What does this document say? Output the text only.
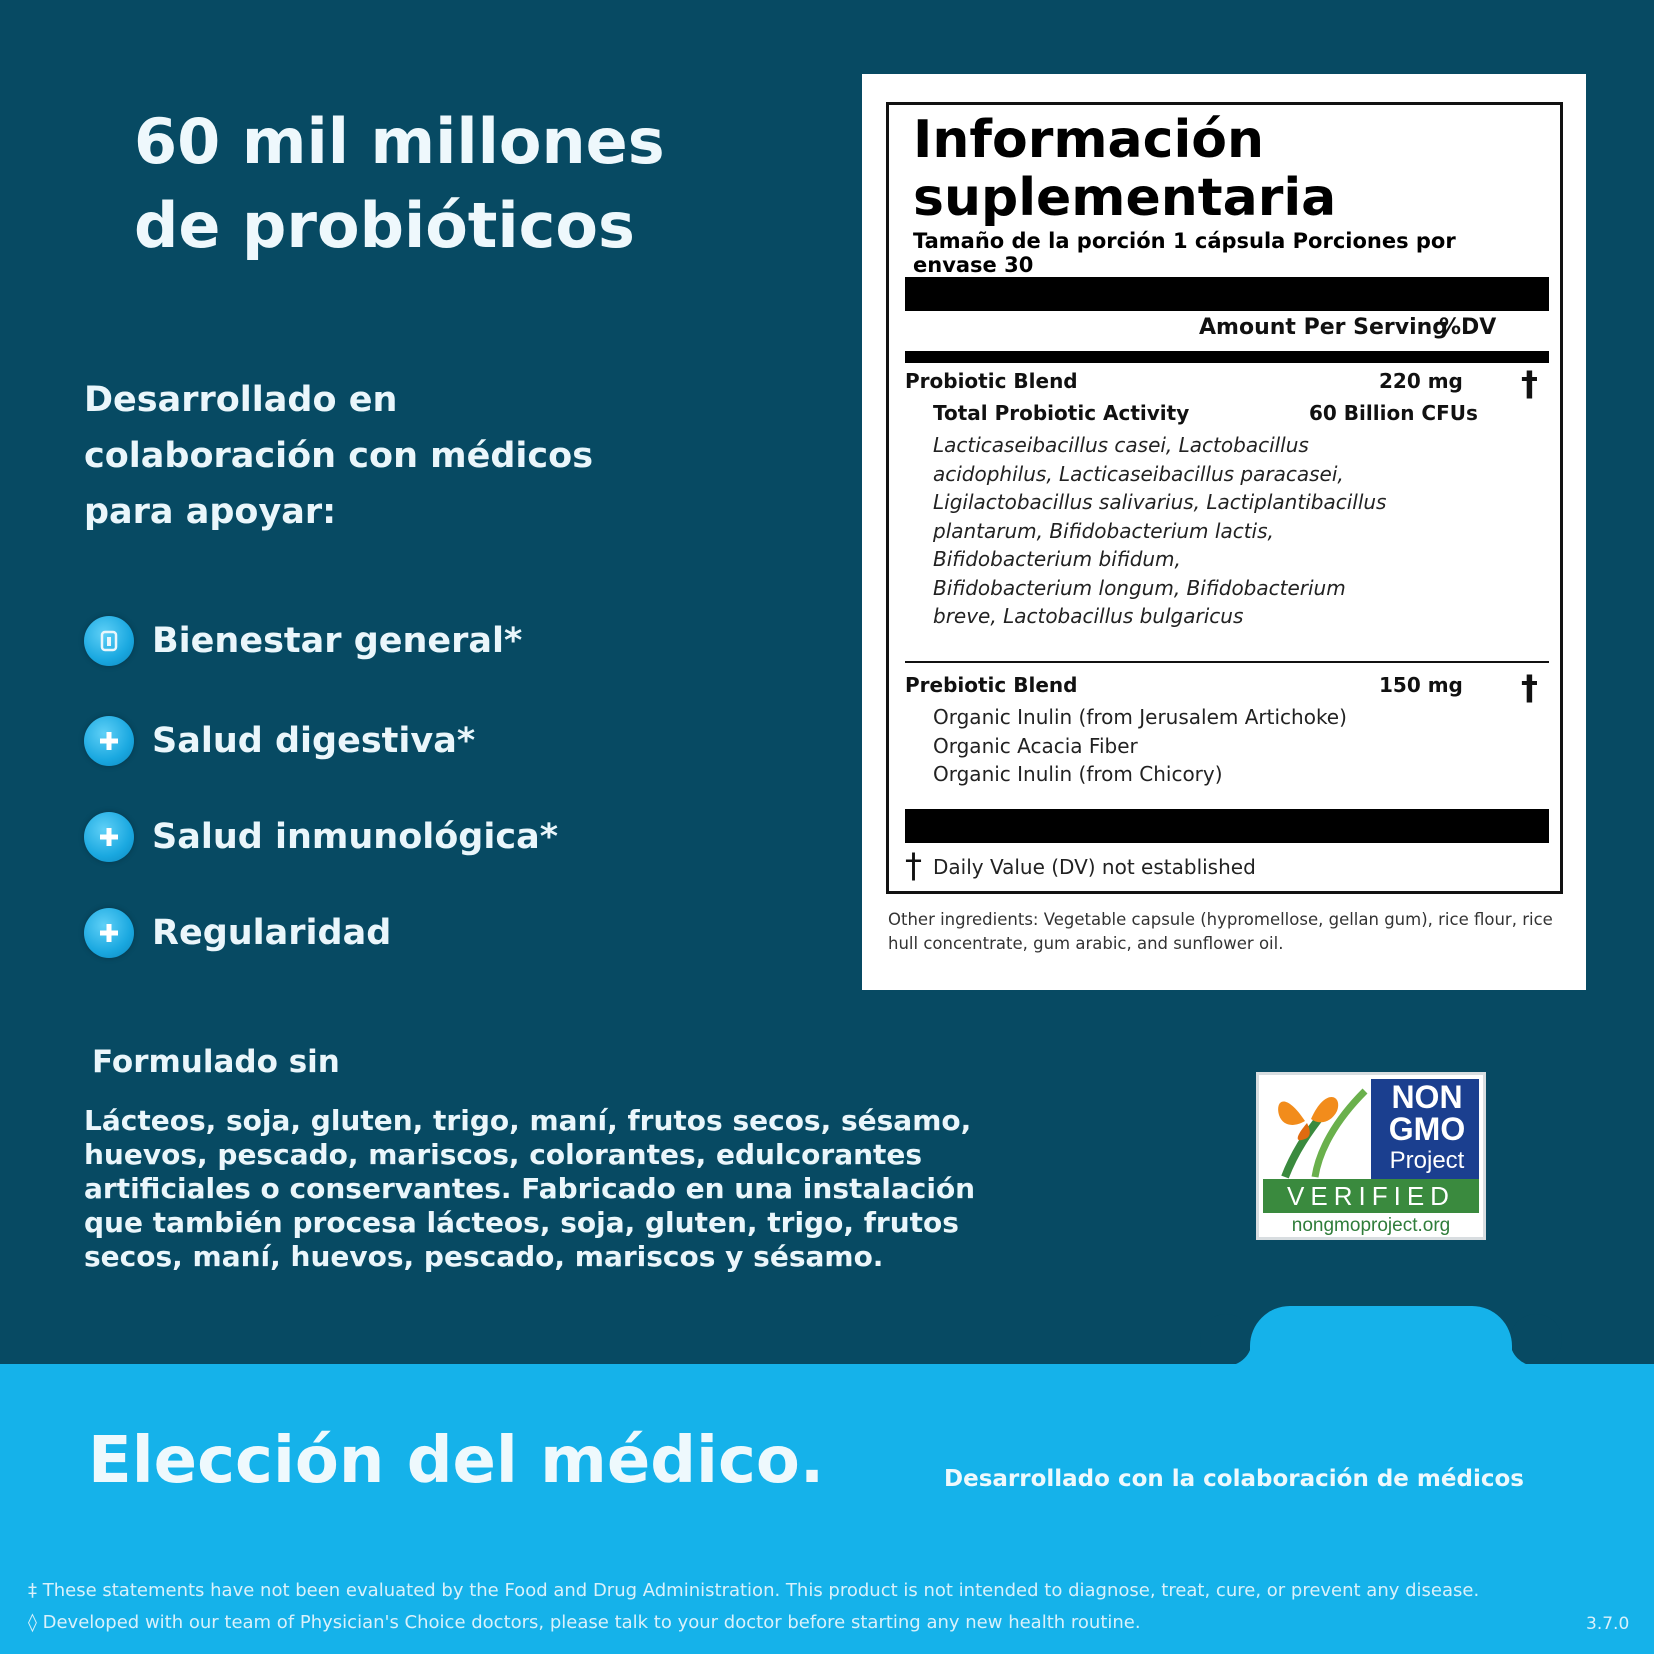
60 mil millones
de probióticos
Desarrollado en
colaboración con médicos
para apoyar:
Bienestar general*
Salud digestiva*
Salud inmunológica*
Regularidad
Formulado sin
Lácteos, soja, gluten, trigo, maní, frutos secos, sésamo, huevos, pescado, mariscos, colorantes, edulcorantes artificiales o conservantes. Fabricado en una instalación que también procesa lácteos, soja, gluten, trigo, frutos secos, maní, huevos, pescado, mariscos y sésamo.
Información
suplementaria
Tamaño de la porción 1 cápsula Porciones por envase 30
Amount Per Serving
%DV
Probiotic Blend	220 mg †
Total Probiotic Activity	60 Billion CFUs
Lacticaseibacillus casei, Lactobacillus
acidophilus, Lacticaseibacillus paracasei,
Ligilactobacillus salivarius, Lactiplantibacillus
plantarum, Bifidobacterium lactis,
Bifidobacterium bifidum,
Bifidobacterium longum, Bifidobacterium
breve, Lactobacillus bulgaricus
Prebiotic Blend	150 mg †
Organic Inulin (from Jerusalem Artichoke)
Organic Acacia Fiber
Organic Inulin (from Chicory)
† Daily Value (DV) not established
Other ingredients: Vegetable capsule (hypromellose, gellan gum), rice flour, rice hull concentrate, gum arabic, and sunflower oil.
NON
GMO
Project
VERIFIED
nongmoproject.org
Elección del médico.	Desarrollado con la colaboración de médicos
‡ These statements have not been evaluated by the Food and Drug Administration. This product is not intended to diagnose, treat, cure, or prevent any disease.
◊ Developed with our team of Physician's Choice doctors, please talk to your doctor before starting any new health routine.	3.7.0
